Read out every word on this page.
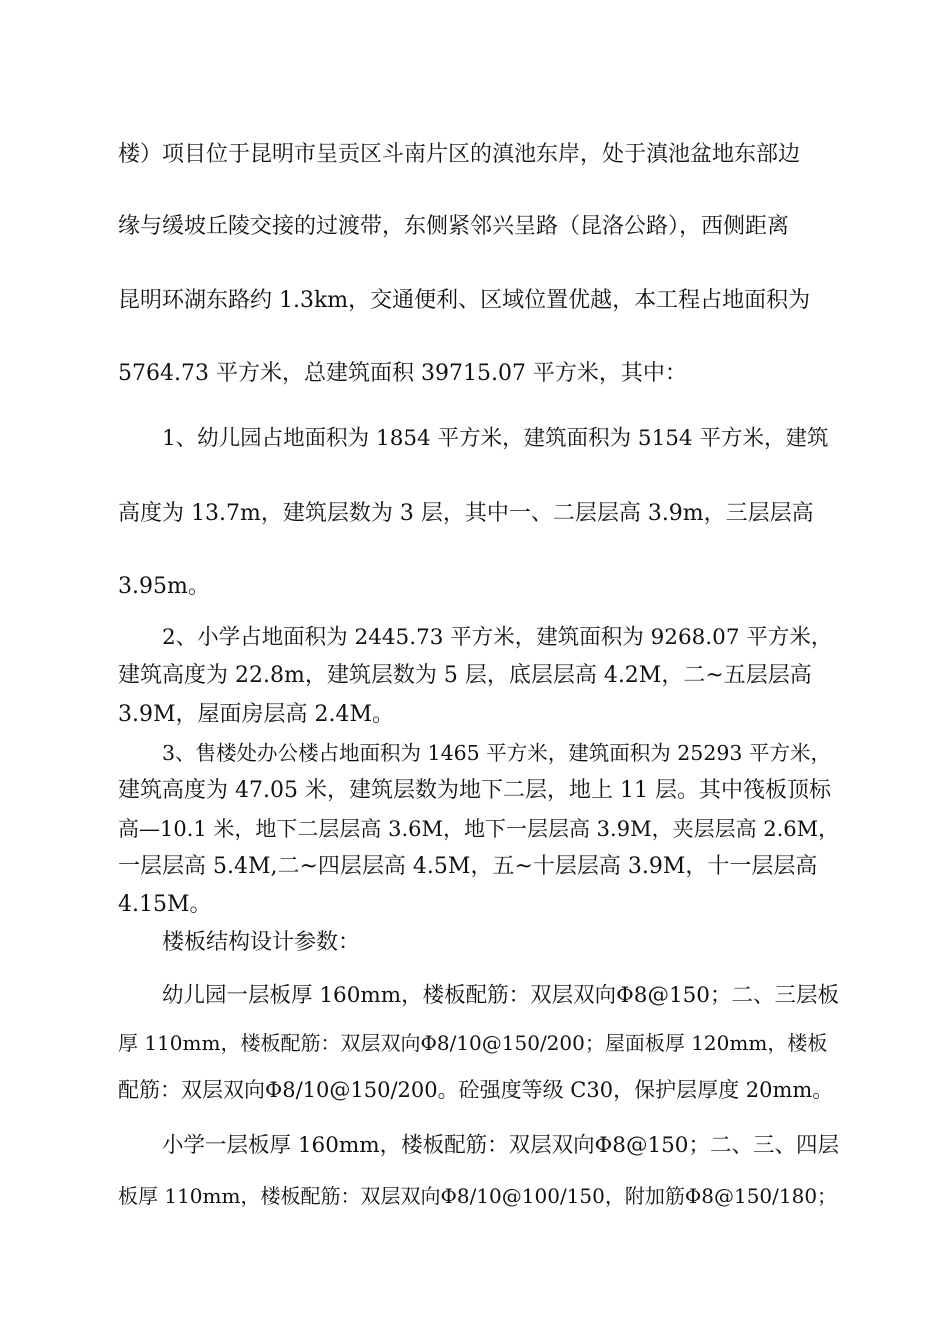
楼）项目位于昆明市呈贡区斗南片区的滇池东岸，处于滇池盆地东部边
缘与缓坡丘陵交接的过渡带，东侧紧邻兴呈路（昆洛公路），西侧距离
昆明环湖东路约 1.3km，交通便利、区域位置优越，本工程占地面积为
5764.73 平方米，总建筑面积 39715.07 平方米，其中：
1、幼儿园占地面积为 1854 平方米，建筑面积为 5154 平方米，建筑
高度为 13.7m，建筑层数为 3 层，其中一、二层层高 3.9m，三层层高
3.95m。
2、小学占地面积为 2445.73 平方米，建筑面积为 9268.07 平方米，
建筑高度为 22.8m，建筑层数为 5 层，底层层高 4.2M，二~五层层高
3.9M，屋面房层高 2.4M。
3、售楼处办公楼占地面积为 1465 平方米，建筑面积为 25293 平方米，
建筑高度为 47.05 米，建筑层数为地下二层，地上 11 层。其中筏板顶标
高—10.1 米，地下二层层高 3.6M，地下一层层高 3.9M，夹层层高 2.6M，
一层层高 5.4M,二~四层层高 4.5M，五~十层层高 3.9M，十一层层高
4.15M。
楼板结构设计参数：
幼儿园一层板厚 160mm，楼板配筋：双层双向Φ8@150；二、三层板
厚 110mm，楼板配筋：双层双向Φ8/10@150/200；屋面板厚 120mm，楼板
配筋：双层双向Φ8/10@150/200。砼强度等级 C30，保护层厚度 20mm。
小学一层板厚 160mm，楼板配筋：双层双向Φ8@150；二、三、四层
板厚 110mm，楼板配筋：双层双向Φ8/10@100/150，附加筋Φ8@150/180；
